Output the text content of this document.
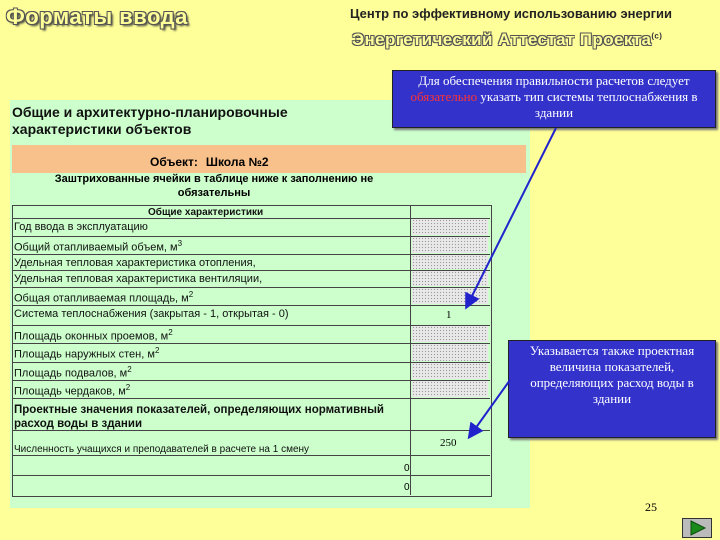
Форматы ввода	Центр по эффективному использованию энергии
Энергетический Аттестат Проекта$^{(c)}$
Общие и архитектурно-планировочные характеристики объектов
Объект: Школа №2
Заштрихованные ячейки в таблице ниже к заполнению не обязательны
Общие характеристики
Год ввода в эксплуатацию
Общий отапливаемый объем, $м^3$
Удельная тепловая характеристика отопления,
Удельная тепловая характеристика вентиляции,
Общая отапливаемая площадь, $м^2$
Система теплоснабжения (закрытая - 1, открытая - 0)	1
Площадь оконных проемов, $м^2$
Площадь наружных стен, $м^2$
Площадь подвалов, $м^2$
Площадь чердаков, $м^2$
Проектные значения показателей, определяющих нормативный расход воды в здании
Численность учащихся и преподавателей в расчете на 1 смену
250
0
0
Для обеспечения правильности расчетов следует обязательно указать тип системы теплоснабжения в здании
Указывается также проектная величина показателей, определяющих расход воды в здании
25
